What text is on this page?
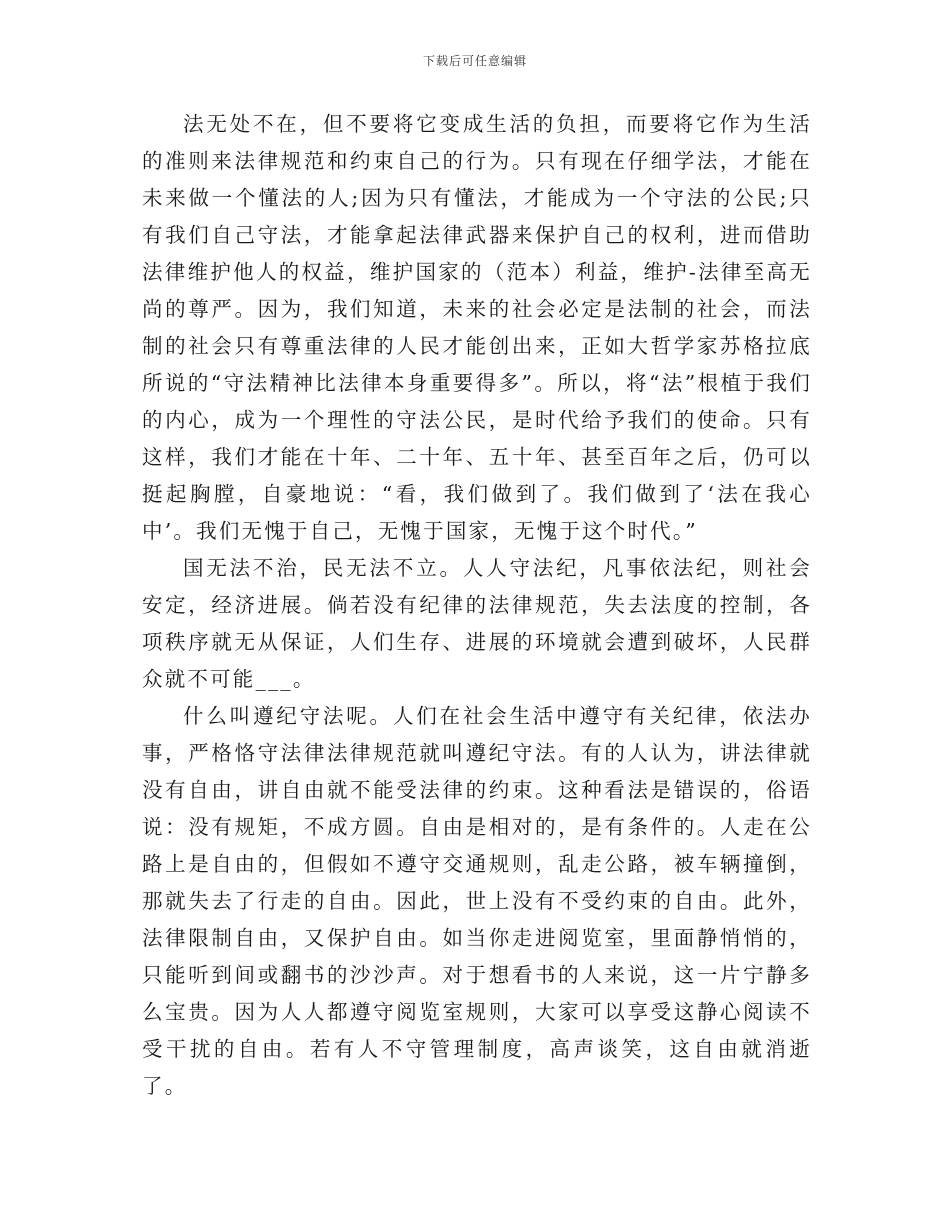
下载后可任意编辑

法无处不在，但不要将它变成生活的负担，而要将它作为生活的准则来法律规范和约束自己的行为。只有现在仔细学法，才能在未来做一个懂法的人;因为只有懂法，才能成为一个守法的公民;只有我们自己守法，才能拿起法律武器来保护自己的权利，进而借助法律维护他人的权益，维护国家的（范本）利益，维护-法律至高无尚的尊严。因为，我们知道，未来的社会必定是法制的社会，而法制的社会只有尊重法律的人民才能创出来，正如大哲学家苏格拉底所说的“守法精神比法律本身重要得多”。所以，将“法”根植于我们的内心，成为一个理性的守法公民，是时代给予我们的使命。只有这样，我们才能在十年、二十年、五十年、甚至百年之后，仍可以挺起胸膛，自豪地说：“看，我们做到了。我们做到了‘法在我心中’。我们无愧于自己，无愧于国家，无愧于这个时代。”

国无法不治，民无法不立。人人守法纪，凡事依法纪，则社会安定，经济进展。倘若没有纪律的法律规范，失去法度的控制，各项秩序就无从保证，人们生存、进展的环境就会遭到破坏，人民群众就不可能___。

什么叫遵纪守法呢。人们在社会生活中遵守有关纪律，依法办事，严格恪守法律法律规范就叫遵纪守法。有的人认为，讲法律就没有自由，讲自由就不能受法律的约束。这种看法是错误的，俗语说：没有规矩，不成方圆。自由是相对的，是有条件的。人走在公路上是自由的，但假如不遵守交通规则，乱走公路，被车辆撞倒，那就失去了行走的自由。因此，世上没有不受约束的自由。此外，法律限制自由，又保护自由。如当你走进阅览室，里面静悄悄的，只能听到间或翻书的沙沙声。对于想看书的人来说，这一片宁静多么宝贵。因为人人都遵守阅览室规则，大家可以享受这静心阅读不受干扰的自由。若有人不守管理制度，高声谈笑，这自由就消逝了。
